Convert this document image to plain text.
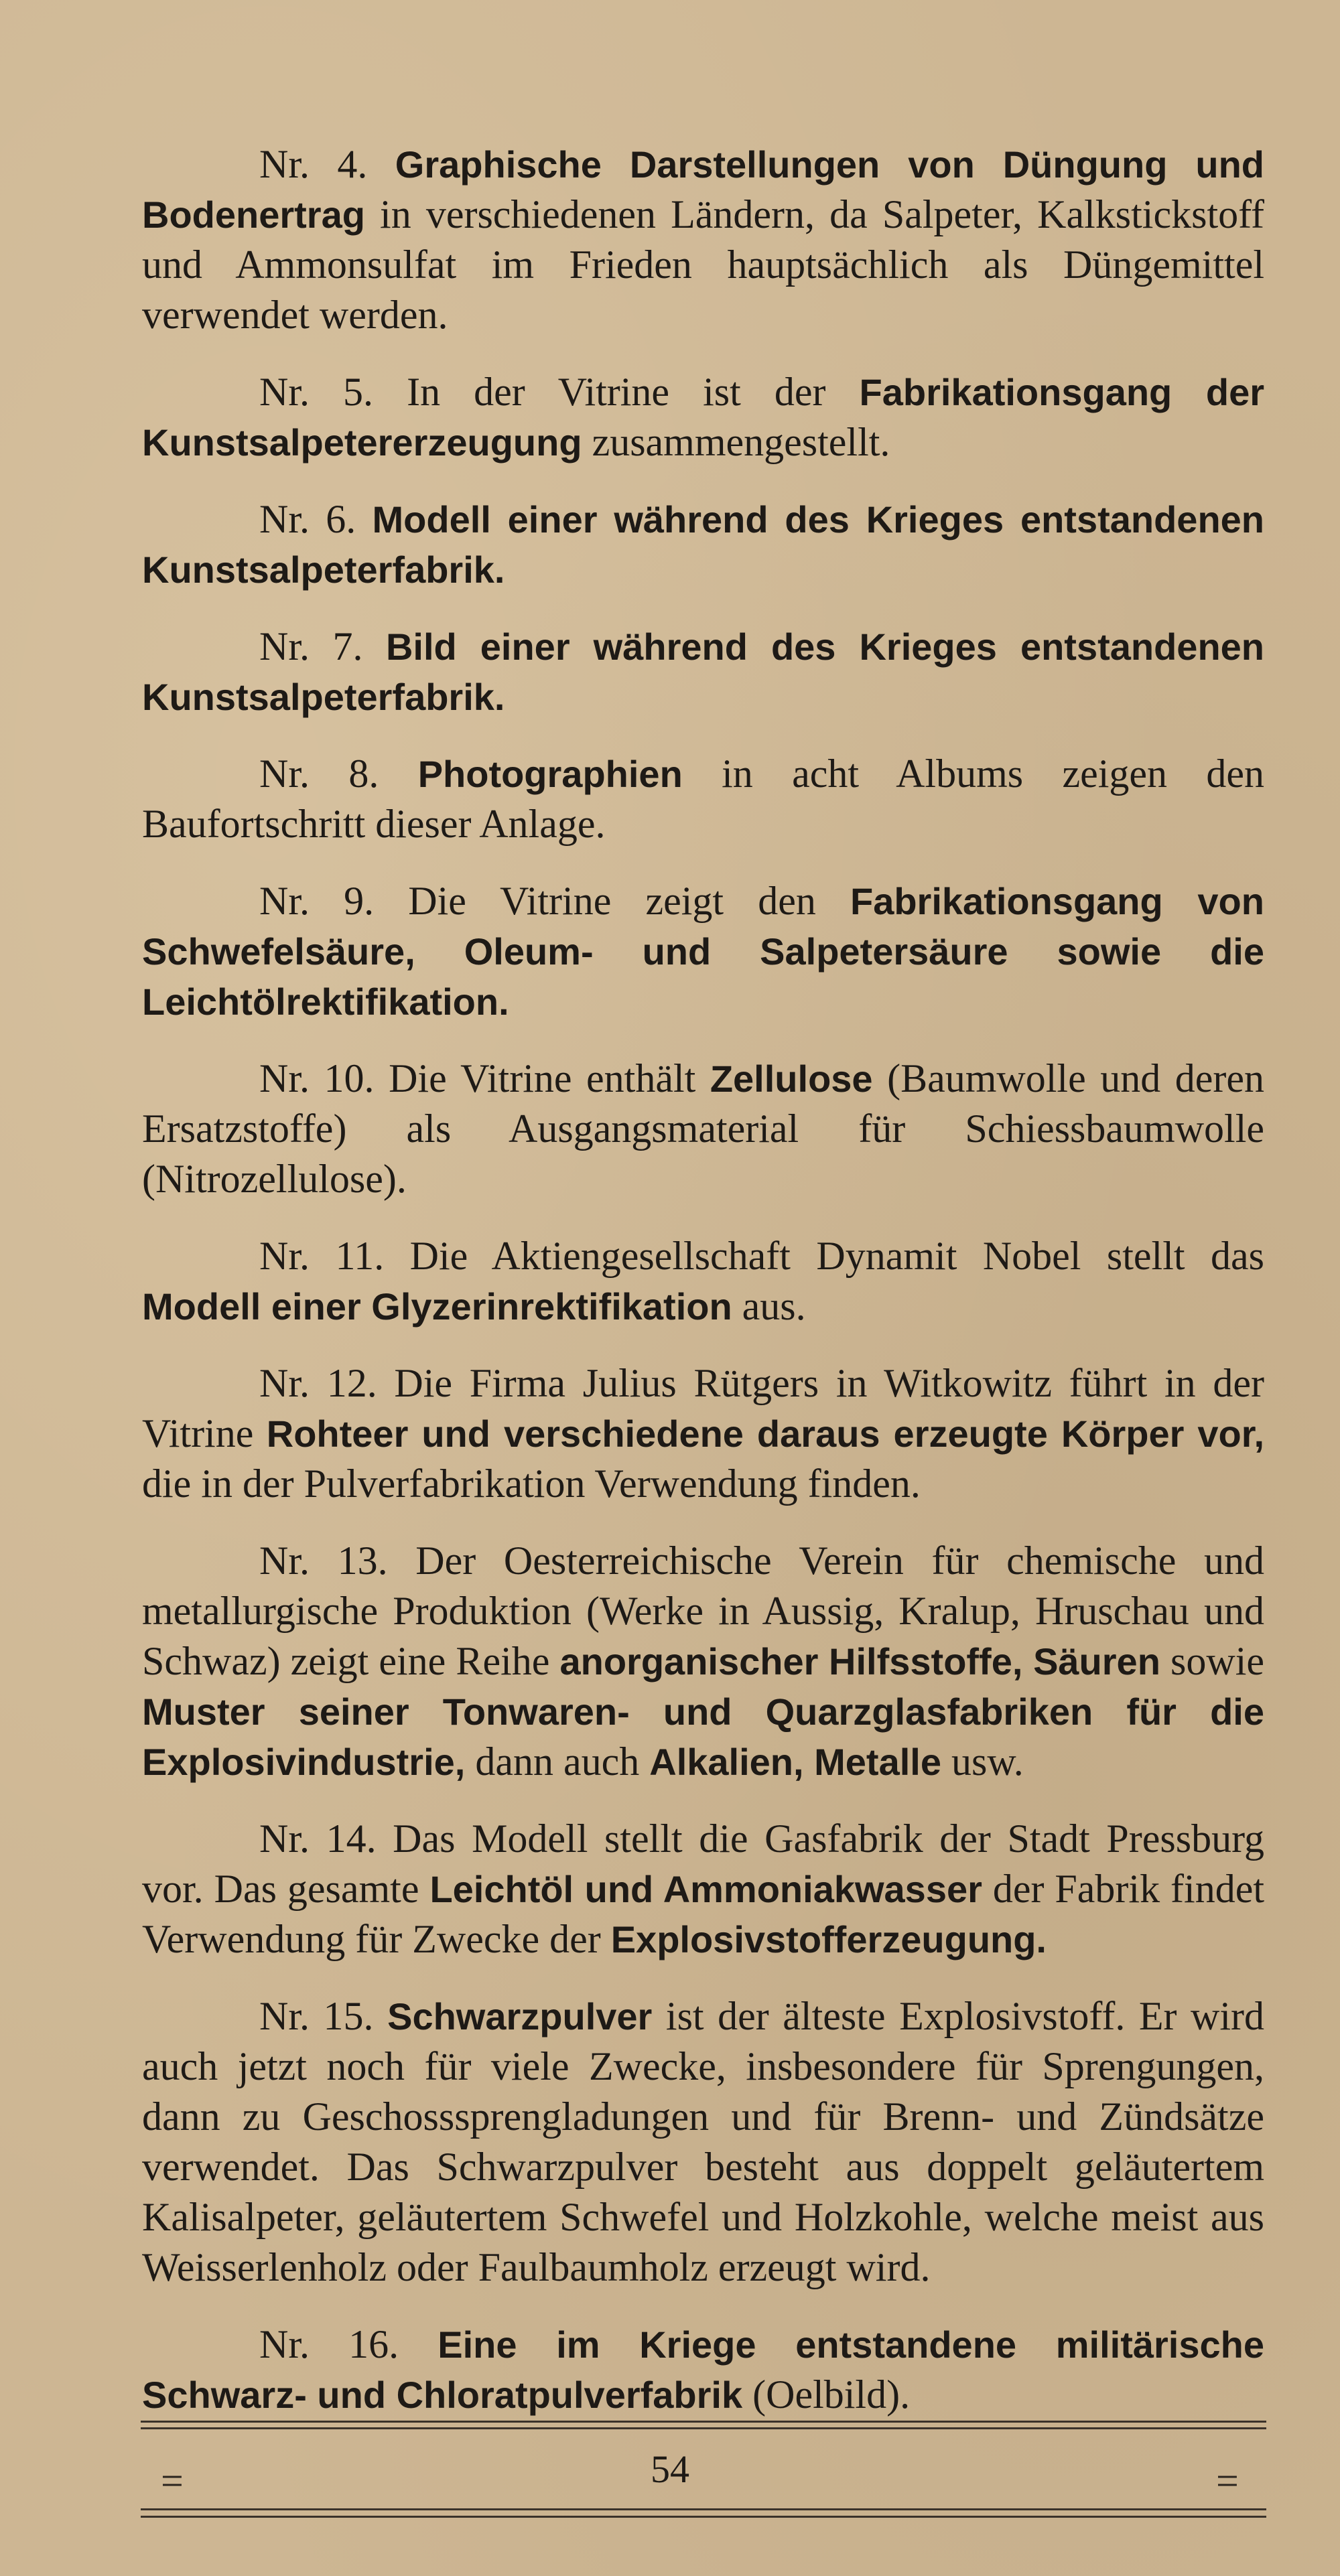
Nr. 4. Graphische Darstellungen von Düngung und Bodenertrag in verschiedenen Ländern, da Salpeter, Kalkstickstoff und Ammonsulfat im Frieden hauptsächlich als Düngemittel verwendet werden.

Nr. 5. In der Vitrine ist der Fabrikationsgang der Kunstsalpetererzeugung zusammengestellt.

Nr. 6. Modell einer während des Krieges entstandenen Kunstsalpeterfabrik.

Nr. 7. Bild einer während des Krieges entstandenen Kunstsalpeterfabrik.

Nr. 8. Photographien in acht Albums zeigen den Baufortschritt dieser Anlage.

Nr. 9. Die Vitrine zeigt den Fabrikationsgang von Schwefelsäure, Oleum- und Salpetersäure sowie die Leichtölrektifikation.

Nr. 10. Die Vitrine enthält Zellulose (Baumwolle und deren Ersatzstoffe) als Ausgangsmaterial für Schiessbaumwolle (Nitrozellulose).

Nr. 11. Die Aktiengesellschaft Dynamit Nobel stellt das Modell einer Glyzerinrektifikation aus.

Nr. 12. Die Firma Julius Rütgers in Witkowitz führt in der Vitrine Rohteer und verschiedene daraus erzeugte Körper vor, die in der Pulverfabrikation Verwendung finden.

Nr. 13. Der Oesterreichische Verein für chemische und metallurgische Produktion (Werke in Aussig, Kralup, Hruschau und Schwaz) zeigt eine Reihe anorganischer Hilfsstoffe, Säuren sowie Muster seiner Tonwaren- und Quarzglasfabriken für die Explosivindustrie, dann auch Alkalien, Metalle usw.

Nr. 14. Das Modell stellt die Gasfabrik der Stadt Pressburg vor. Das gesamte Leichtöl und Ammoniakwasser der Fabrik findet Verwendung für Zwecke der Explosivstofferzeugung.

Nr. 15. Schwarzpulver ist der älteste Explosivstoff. Er wird auch jetzt noch für viele Zwecke, insbesondere für Sprengungen, dann zu Geschosssprengladungen und für Brenn- und Zündsätze verwendet. Das Schwarzpulver besteht aus doppelt geläutertem Kalisalpeter, geläutertem Schwefel und Holzkohle, welche meist aus Weisserlenholz oder Faulbaumholz erzeugt wird.

Nr. 16. Eine im Kriege entstandene militärische Schwarz- und Chloratpulverfabrik (Oelbild).

=	54	=
